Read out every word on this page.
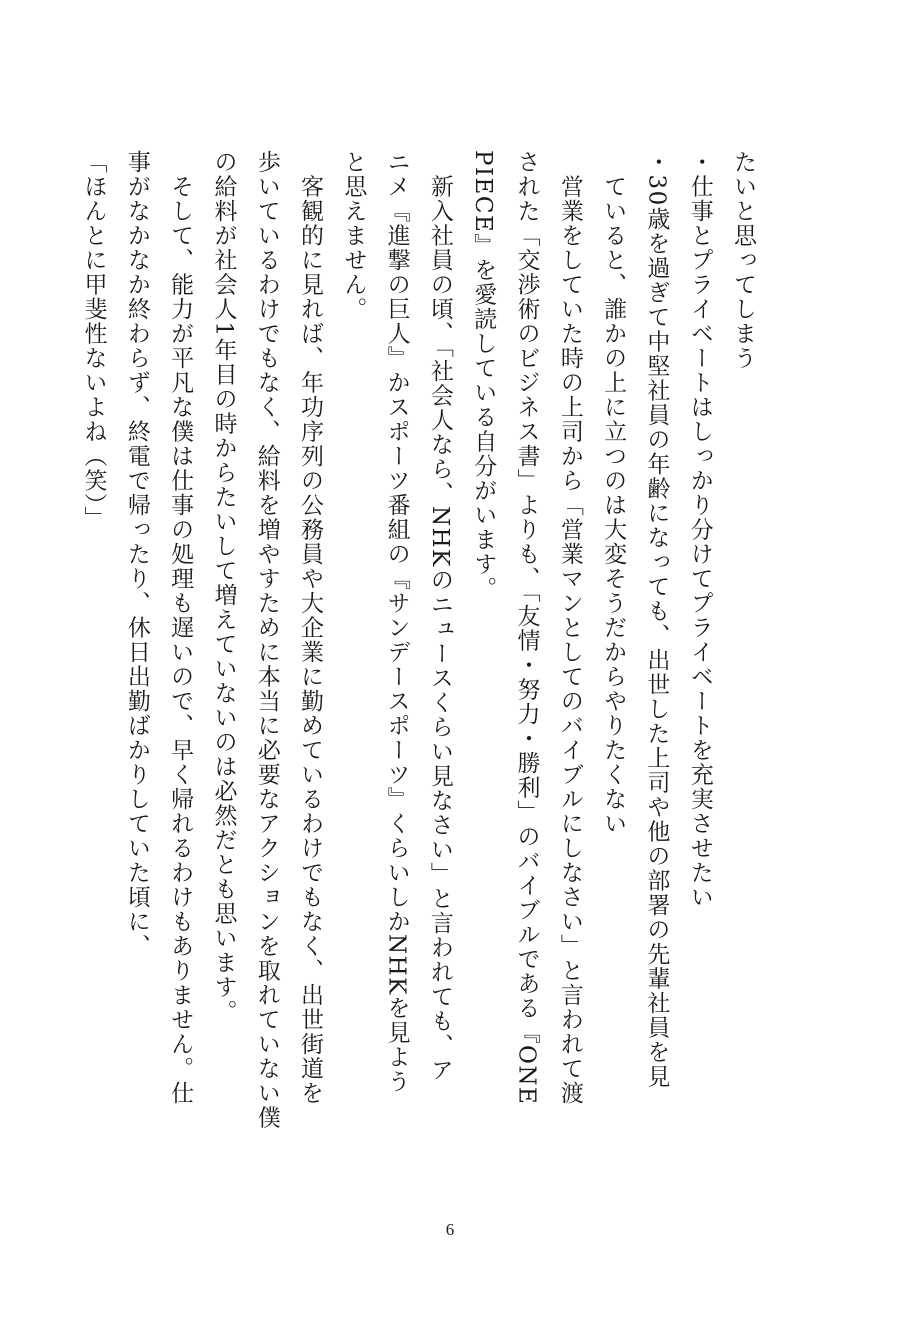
たいと思ってしまう
・仕事とプライベートはしっかり分けてプライベートを充実させたい
・30歳を過ぎて中堅社員の年齢になっても、出世した上司や他の部署の先輩社員を見
　ていると、誰かの上に立つのは大変そうだからやりたくない
　営業をしていた時の上司から「営業マンとしてのバイブルにしなさい」と言われて渡
された「交渉術のビジネス書」よりも、「友情・努力・勝利」のバイブルである『ONE
PIECE』を愛読している自分がいます。
　新入社員の頃、「社会人なら、NHKのニュースくらい見なさい」と言われても、ア
ニメ『進撃の巨人』かスポーツ番組の『サンデースポーツ』くらいしかNHKを見よう
と思えません。
　客観的に見れば、年功序列の公務員や大企業に勤めているわけでもなく、出世街道を
歩いているわけでもなく、給料を増やすために本当に必要なアクションを取れていない僕
の給料が社会人1年目の時からたいして増えていないのは必然だとも思います。
　そして、能力が平凡な僕は仕事の処理も遅いので、早く帰れるわけもありません。仕
事がなかなか終わらず、終電で帰ったり、休日出勤ばかりしていた頃に、
「ほんとに甲斐性ないよね（笑）」
6
